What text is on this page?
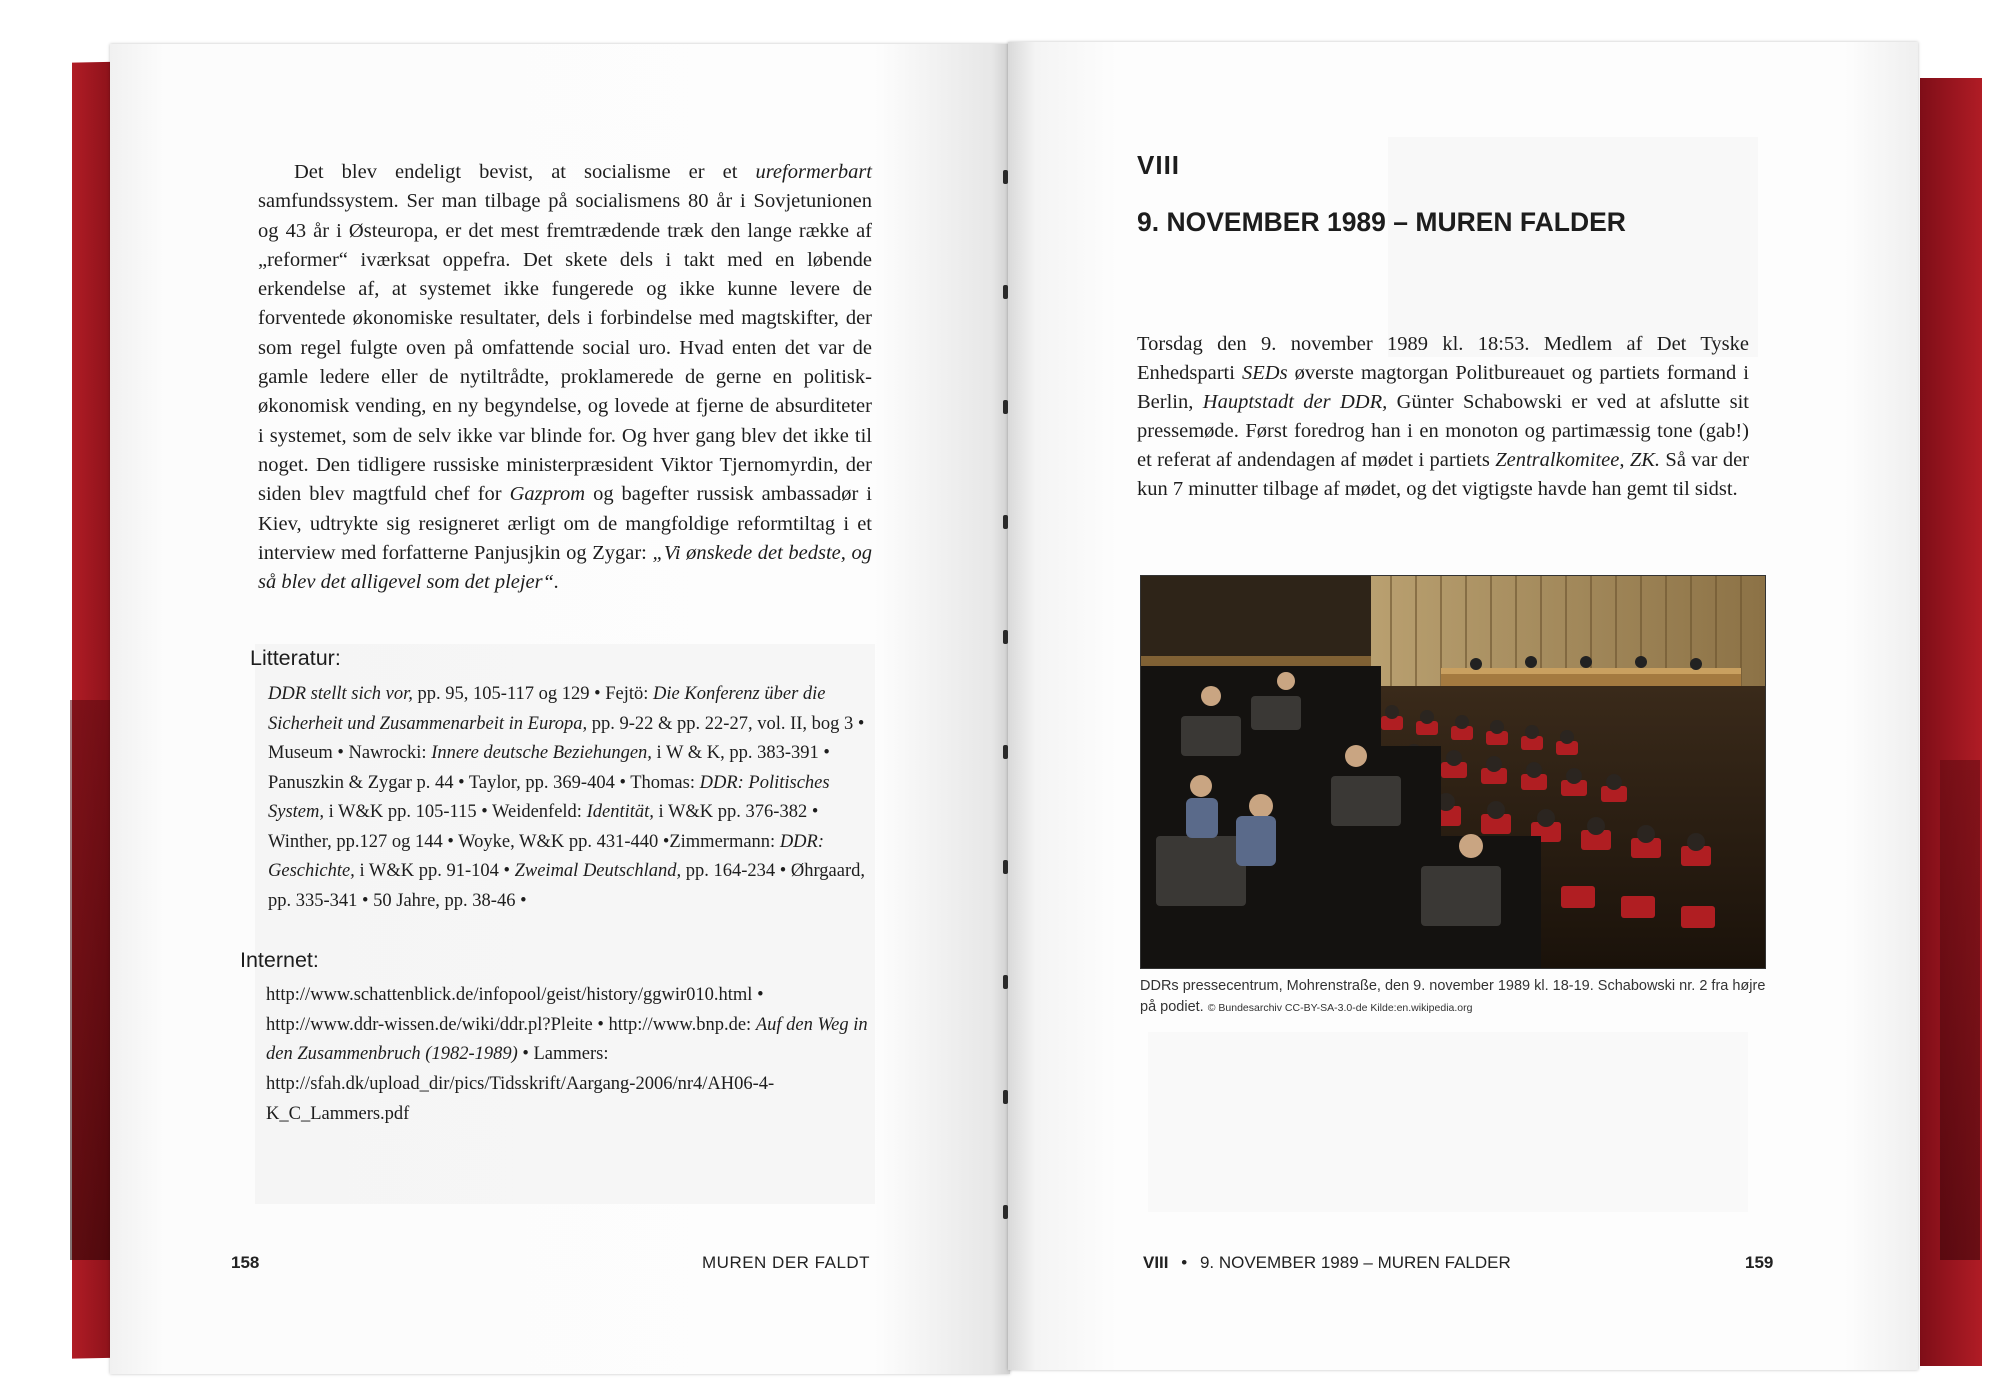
Det blev endeligt bevist, at socialisme er et ureformerbart samfundssystem. Ser man tilbage på socialismens 80 år i Sovjetunionen og 43 år i Østeuropa, er det mest fremtrædende træk den lange række af „reformer“ iværksat oppefra. Det skete dels i takt med en løbende erkendelse af, at systemet ikke fungerede og ikke kunne levere de forventede økonomiske resultater, dels i forbindelse med magtskifter, der som regel fulgte oven på omfattende social uro. Hvad enten det var de gamle ledere eller de nytiltrådte, proklamerede de gerne en politisk-økonomisk vending, en ny begyndelse, og lovede at fjerne de absurditeter i systemet, som de selv ikke var blinde for. Og hver gang blev det ikke til noget. Den tidligere russiske ministerpræsident Viktor Tjernomyrdin, der siden blev magtfuld chef for Gazprom og bagefter russisk ambassadør i Kiev, udtrykte sig resigneret ærligt om de mangfoldige reformtiltag i et interview med forfatterne Panjusjkin og Zygar: „Vi ønskede det bedste, og så blev det alligevel som det plejer“.

Litteratur:
DDR stellt sich vor, pp. 95, 105-117 og 129 • Fejtö: Die Konferenz über die Sicherheit und Zusammenarbeit in Europa, pp. 9-22 & pp. 22-27, vol. II, bog 3 • Museum • Nawrocki: Innere deutsche Beziehungen, i W & K, pp. 383-391 • Panuszkin & Zygar p. 44 • Taylor, pp. 369-404 • Thomas: DDR: Politisches System, i W&K pp. 105-115 • Weidenfeld: Identität, i W&K pp. 376-382 • Winther, pp.127 og 144 • Woyke, W&K pp. 431-440 •Zimmermann: DDR: Geschichte, i W&K pp. 91-104 • Zweimal Deutschland, pp. 164-234 • Øhrgaard, pp. 335-341 • 50 Jahre, pp. 38-46 •
Internet:
http://www.schattenblick.de/infopool/geist/history/ggwir010.html • http://www.ddr-wissen.de/wiki/ddr.pl?Pleite • http://www.bnp.de: Auf den Weg in den Zusammenbruch (1982-1989) • Lammers: http://sfah.dk/upload_dir/pics/Tidsskrift/Aargang-2006/nr4/AH06-4-K_C_Lammers.pdf
158	MUREN DER FALDT
VIII
9. NOVEMBER 1989 – MUREN FALDER

Torsdag den 9. november 1989 kl. 18:53. Medlem af Det Tyske Enhedsparti SEDs øverste magtorgan Politbureauet og partiets formand i Berlin, Hauptstadt der DDR, Günter Schabowski er ved at afslutte sit pressemøde. Først foredrog han i en monoton og partimæssig tone (gab!) et referat af andendagen af mødet i partiets Zentralkomitee, ZK. Så var der kun 7 minutter tilbage af mødet, og det vigtigste havde han gemt til sidst.

DDRs pressecentrum, Mohrenstraße, den 9. november 1989 kl. 18-19. Schabowski nr. 2 fra højre på podiet. © Bundesarchiv CC-BY-SA-3.0-de Kilde:en.wikipedia.org
VIII • 9. NOVEMBER 1989 – MUREN FALDER	159
